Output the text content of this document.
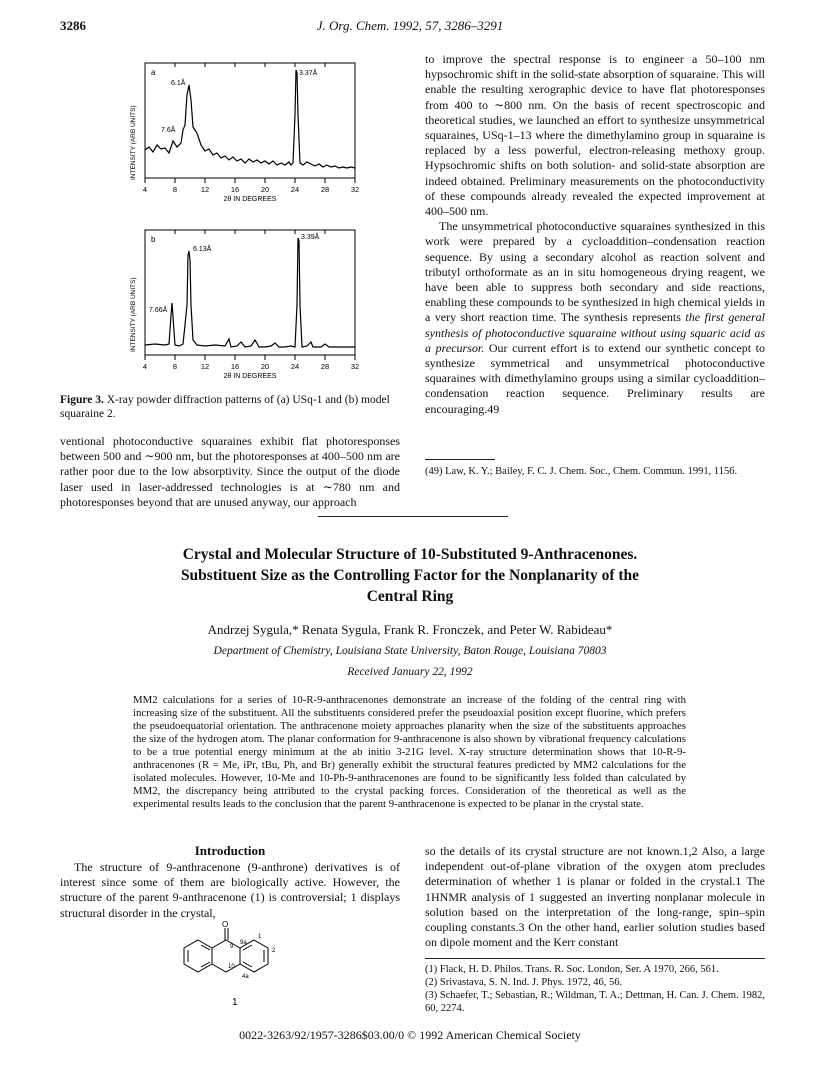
3286	J. Org. Chem. 1992, 57, 3286–3291
a
6.1Å
7.6Å
3.37Å
INTENSITY (ARB UNITS)
4	8	12	16	20	24	28	32
2θ IN DEGREES
b
6.13Å
7.66Å
3.39Å
INTENSITY (ARB UNITS)
4	8	12	16	20	24	28	32
2θ IN DEGREES
Figure 3. X-ray powder diffraction patterns of (a) USq-1 and (b) model squaraine 2.

ventional photoconductive squaraines exhibit flat photoresponses between 500 and ∼900 nm, but the photoresponses at 400–500 nm are rather poor due to the low absorptivity. Since the output of the diode laser used in laser-addressed technologies is at ∼780 nm and photoresponses beyond that are unused anyway, our approach

to improve the spectral response is to engineer a 50–100 nm hypsochromic shift in the solid-state absorption of squaraine. This will enable the resulting xerographic device to have flat photoresponses from 400 to ∼800 nm. On the basis of recent spectroscopic and theoretical studies, we launched an effort to synthesize unsymmetrical squaraines, USq-1–13 where the dimethylamino group in squaraine is replaced by a less powerful, electron-releasing methoxy group. Hypsochromic shifts on both solution- and solid-state absorption are indeed obtained. Preliminary measurements on the photoconductivity of these compounds already revealed the expected improvement at 400–500 nm.

The unsymmetrical photoconductive squaraines synthesized in this work were prepared by a cycloaddition–condensation reaction sequence. By using a secondary alcohol as reaction solvent and tributyl orthoformate as an in situ homogeneous drying reagent, we have been able to suppress both secondary and side reactions, enabling these compounds to be synthesized in high chemical yields in a very short reaction time. The synthesis represents the first general synthesis of photoconductive squaraine without using squaric acid as a precursor. Our current effort is to extend our synthetic concept to synthesize symmetrical and unsymmetrical photoconductive squaraines with dimethylamino groups using a similar cycloaddition–condensation reaction sequence. Preliminary results are encouraging.49

(49) Law, K. Y.; Bailey, F. C. J. Chem. Soc., Chem. Commun. 1991, 1156.
Crystal and Molecular Structure of 10-Substituted 9-Anthracenones.
Substituent Size as the Controlling Factor for the Nonplanarity of the
Central Ring
Andrzej Sygula,* Renata Sygula, Frank R. Fronczek, and Peter W. Rabideau*
Department of Chemistry, Louisiana State University, Baton Rouge, Louisiana 70803
Received January 22, 1992
MM2 calculations for a series of 10-R-9-anthracenones demonstrate an increase of the folding of the central ring with increasing size of the substituent. All the substituents considered prefer the pseudoaxial position except fluorine, which prefers the pseudoequatorial orientation. The anthracenone moiety approaches planarity when the size of the substituents approaches the size of the hydrogen atom. The planar conformation for 9-anthracenone is also shown by vibrational frequency calculations to be a true potential energy minimum at the ab initio 3-21G level. X-ray structure determination shows that 10-R-9-anthracenones (R = Me, iPr, tBu, Ph, and Br) generally exhibit the structural features predicted by MM2 calculations for the isolated molecules. However, 10-Me and 10-Ph-9-anthracenones are found to be significantly less folded than calculated by MM2, the discrepancy being attributed to the crystal packing forces. Consideration of the theoretical as well as the experimental results leads to the conclusion that the parent 9-anthracenone is expected to be planar in the crystal state.
Introduction
The structure of 9-anthracenone (9-anthrone) derivatives is of interest since some of them are biologically active. However, the structure of the parent 9-anthracenone (1) is controversial; 1 displays structural disorder in the crystal,
O
9
9a
1
2
10
4a
1
so the details of its crystal structure are not known.1,2 Also, a large independent out-of-plane vibration of the oxygen atom precludes determination of whether 1 is planar or folded in the crystal.1 The 1HNMR analysis of 1 suggested an inverting nonplanar molecule in solution based on the interpretation of the long-range, spin–spin coupling constants.3 On the other hand, earlier solution studies based on dipole moment and the Kerr constant
(1) Flack, H. D. Philos. Trans. R. Soc. London, Ser. A 1970, 266, 561.
(2) Srivastava, S. N. Ind. J. Phys. 1972, 46, 56.
(3) Schaefer, T.; Sebastian, R.; Wildman, T. A.; Dettman, H. Can. J. Chem. 1982, 60, 2274.
0022-3263/92/1957-3286$03.00/0 © 1992 American Chemical Society
